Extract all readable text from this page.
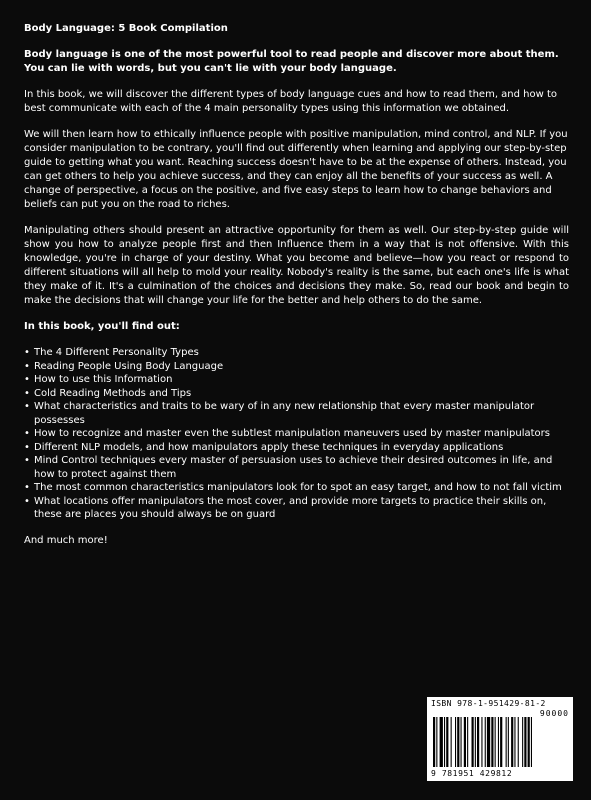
Body Language: 5 Book Compilation
Body language is one of the most powerful tool to read people and discover more about them. You can lie with words, but you can't lie with your body language.

In this book, we will discover the different types of body language cues and how to read them, and how to best communicate with each of the 4 main personality types using this information we obtained.

We will then learn how to ethically influence people with positive manipulation, mind control, and NLP. If you consider manipulation to be contrary, you'll find out differently when learning and applying our step-by-step guide to getting what you want. Reaching success doesn't have to be at the expense of others. Instead, you can get others to help you achieve success, and they can enjoy all the benefits of your success as well. A change of perspective, a focus on the positive, and five easy steps to learn how to change behaviors and beliefs can put you on the road to riches.

Manipulating others should present an attractive opportunity for them as well. Our step-by-step guide will show you how to analyze people first and then Influence them in a way that is not offensive. With this knowledge, you're in charge of your destiny. What you become and believe—how you react or respond to different situations will all help to mold your reality. Nobody's reality is the same, but each one's life is what they make of it. It's a culmination of the choices and decisions they make. So, read our book and begin to make the decisions that will change your life for the better and help others to do the same.

In this book, you'll find out:
• The 4 Different Personality Types
• Reading People Using Body Language
• How to use this Information
• Cold Reading Methods and Tips
• What characteristics and traits to be wary of in any new relationship that every master manipulator possesses
• How to recognize and master even the subtlest manipulation maneuvers used by master manipulators
• Different NLP models, and how manipulators apply these techniques in everyday applications
• Mind Control techniques every master of persuasion uses to achieve their desired outcomes in life, and how to protect against them
• The most common characteristics manipulators look for to spot an easy target, and how to not fall victim
• What locations offer manipulators the most cover, and provide more targets to practice their skills on, these are places you should always be on guard
And much more!
ISBN 978-1-951429-81-2
90000
9 781951 429812
